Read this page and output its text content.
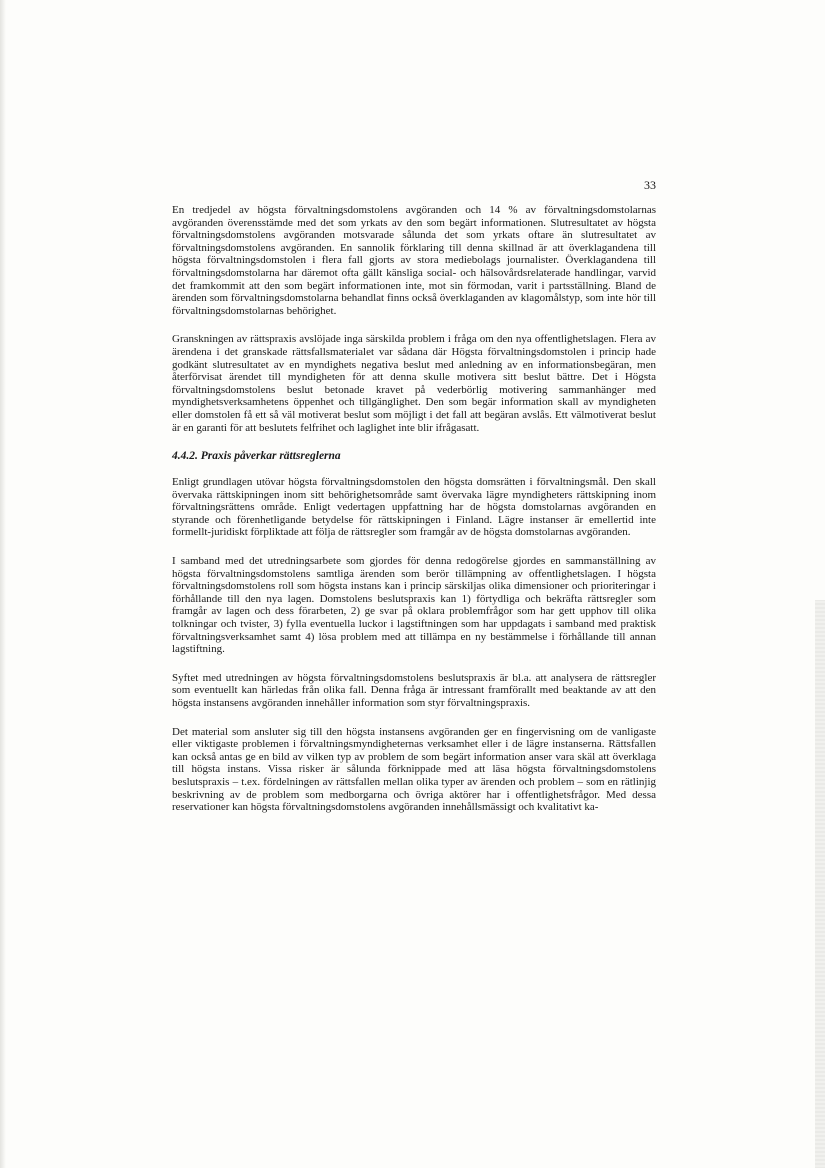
33

En tredjedel av högsta förvaltningsdomstolens avgöranden och 14 % av förvaltningsdomstolarnas avgöranden överensstämde med det som yrkats av den som begärt informationen. Slutresultatet av högsta förvaltningsdomstolens avgöranden motsvarade sålunda det som yrkats oftare än slutresultatet av förvaltningsdomstolens avgöranden. En sannolik förklaring till denna skillnad är att överklagandena till högsta förvaltningsdomstolen i flera fall gjorts av stora mediebolags journalister. Överklagandena till förvaltningsdomstolarna har däremot ofta gällt känsliga social- och hälsovårdsrelaterade handlingar, varvid det framkommit att den som begärt informationen inte, mot sin förmodan, varit i partsställning. Bland de ärenden som förvaltningsdomstolarna behandlat finns också överklaganden av klagomålstyp, som inte hör till förvaltningsdomstolarnas behörighet.

Granskningen av rättspraxis avslöjade inga särskilda problem i fråga om den nya offentlighetslagen. Flera av ärendena i det granskade rättsfallsmaterialet var sådana där Högsta förvaltningsdomstolen i princip hade godkänt slutresultatet av en myndighets negativa beslut med anledning av en informationsbegäran, men återförvisat ärendet till myndigheten för att denna skulle motivera sitt beslut bättre. Det i Högsta förvaltningsdomstolens beslut betonade kravet på vederbörlig motivering sammanhänger med myndighetsverksamhetens öppenhet och tillgänglighet. Den som begär information skall av myndigheten eller domstolen få ett så väl motiverat beslut som möjligt i det fall att begäran avslås. Ett välmotiverat beslut är en garanti för att beslutets felfrihet och laglighet inte blir ifrågasatt.

4.4.2. Praxis påverkar rättsreglerna

Enligt grundlagen utövar högsta förvaltningsdomstolen den högsta domsrätten i förvaltningsmål. Den skall övervaka rättskipningen inom sitt behörighetsområde samt övervaka lägre myndigheters rättskipning inom förvaltningsrättens område. Enligt vedertagen uppfattning har de högsta domstolarnas avgöranden en styrande och förenhetligande betydelse för rättskipningen i Finland. Lägre instanser är emellertid inte formellt-juridiskt förpliktade att följa de rättsregler som framgår av de högsta domstolarnas avgöranden.

I samband med det utredningsarbete som gjordes för denna redogörelse gjordes en sammanställning av högsta förvaltningsdomstolens samtliga ärenden som berör tillämpning av offentlighetslagen. I högsta förvaltningsdomstolens roll som högsta instans kan i princip särskiljas olika dimensioner och prioriteringar i förhållande till den nya lagen. Domstolens beslutspraxis kan 1) förtydliga och bekräfta rättsregler som framgår av lagen och dess förarbeten, 2) ge svar på oklara problemfrågor som har gett upphov till olika tolkningar och tvister, 3) fylla eventuella luckor i lagstiftningen som har uppdagats i samband med praktisk förvaltningsverksamhet samt 4) lösa problem med att tillämpa en ny bestämmelse i förhållande till annan lagstiftning.

Syftet med utredningen av högsta förvaltningsdomstolens beslutspraxis är bl.a. att analysera de rättsregler som eventuellt kan härledas från olika fall. Denna fråga är intressant framförallt med beaktande av att den högsta instansens avgöranden innehåller information som styr förvaltningspraxis.

Det material som ansluter sig till den högsta instansens avgöranden ger en fingervisning om de vanligaste eller viktigaste problemen i förvaltningsmyndigheternas verksamhet eller i de lägre instanserna. Rättsfallen kan också antas ge en bild av vilken typ av problem de som begärt information anser vara skäl att överklaga till högsta instans. Vissa risker är sålunda förknippade med att läsa högsta förvaltningsdomstolens beslutspraxis – t.ex. fördelningen av rättsfallen mellan olika typer av ärenden och problem – som en rätlinjig beskrivning av de problem som medborgarna och övriga aktörer har i offentlighetsfrågor. Med dessa reservationer kan högsta förvaltningsdomstolens avgöranden innehållsmässigt och kvalitativt ka-
